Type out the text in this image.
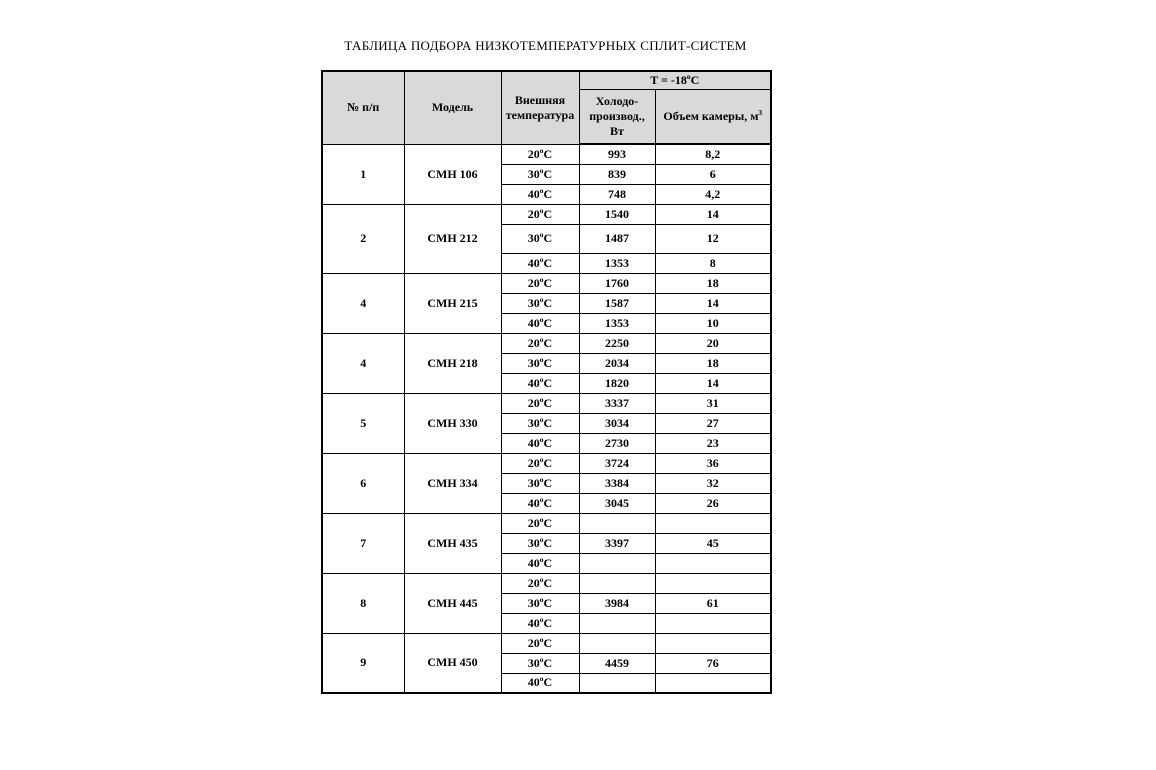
ТАБЛИЦА ПОДБОРА НИЗКОТЕМПЕРАТУРНЫХ СПЛИТ-СИСТЕМ
№ п/п	Модель	Внешняя температура	$T = -18^оС$	
			Холодо-производ., Вт	Объем камеры, $м^3$
1	СМН 106	$20^оС$	993	8,2
		$30^оС$	839	6
		$40^оС$	748	4,2
2	СМН 212	$20^оС$	1540	14
		$30^оС$	1487	12
		$40^оС$	1353	8
4	СМН 215	$20^оС$	1760	18
		$30^оС$	1587	14
		$40^оС$	1353	10
4	СМН 218	$20^оС$	2250	20
		$30^оС$	2034	18
		$40^оС$	1820	14
5	СМН 330	$20^оС$	3337	31
		$30^оС$	3034	27
		$40^оС$	2730	23
6	СМН 334	$20^оС$	3724	36
		$30^оС$	3384	32
		$40^оС$	3045	26
7	СМН 435	$20^оС$		
		$30^оС$	3397	45
		$40^оС$		
8	СМН 445	$20^оС$		
		$30^оС$	3984	61
		$40^оС$		
9	СМН 450	$20^оС$		
		$30^оС$	4459	76
		$40^оС$		
